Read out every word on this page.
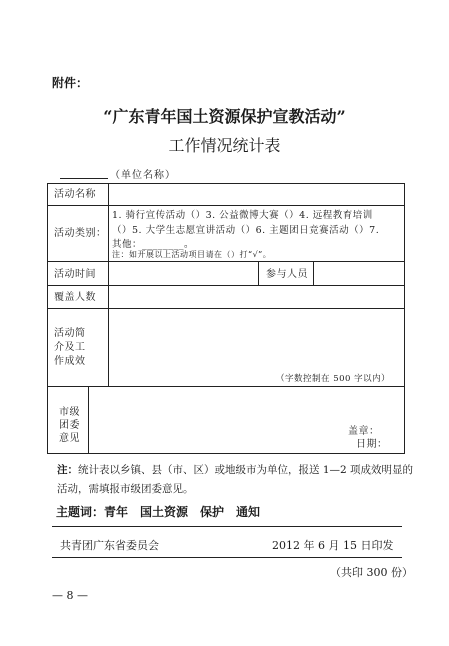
附件：
“广东青年国土资源保护宣教活动”
工作情况统计表
（单位名称）
活动名称
活动类别：
1. 骑行宣传活动（）3. 公益微博大赛（）4. 远程教育培训
（）5. 大学生志愿宣讲活动（）6. 主题团日竞赛活动（）7.
其他：________。
注：如开展以上活动项目请在（）打“√”。
活动时间	参与人员
覆盖人数
活动简
介及工
作成效
（字数控制在 500 字以内）
市级
团委
意见
盖章：
日期：
注：统计表以乡镇、县（市、区）或地级市为单位，报送 1—2 项成效明显的活动，需填报市级团委意见。
主题词：青年　国土资源　保护　通知
共青团广东省委员会	2012 年 6 月 15 日印发
（共印 300 份）
— 8 —
